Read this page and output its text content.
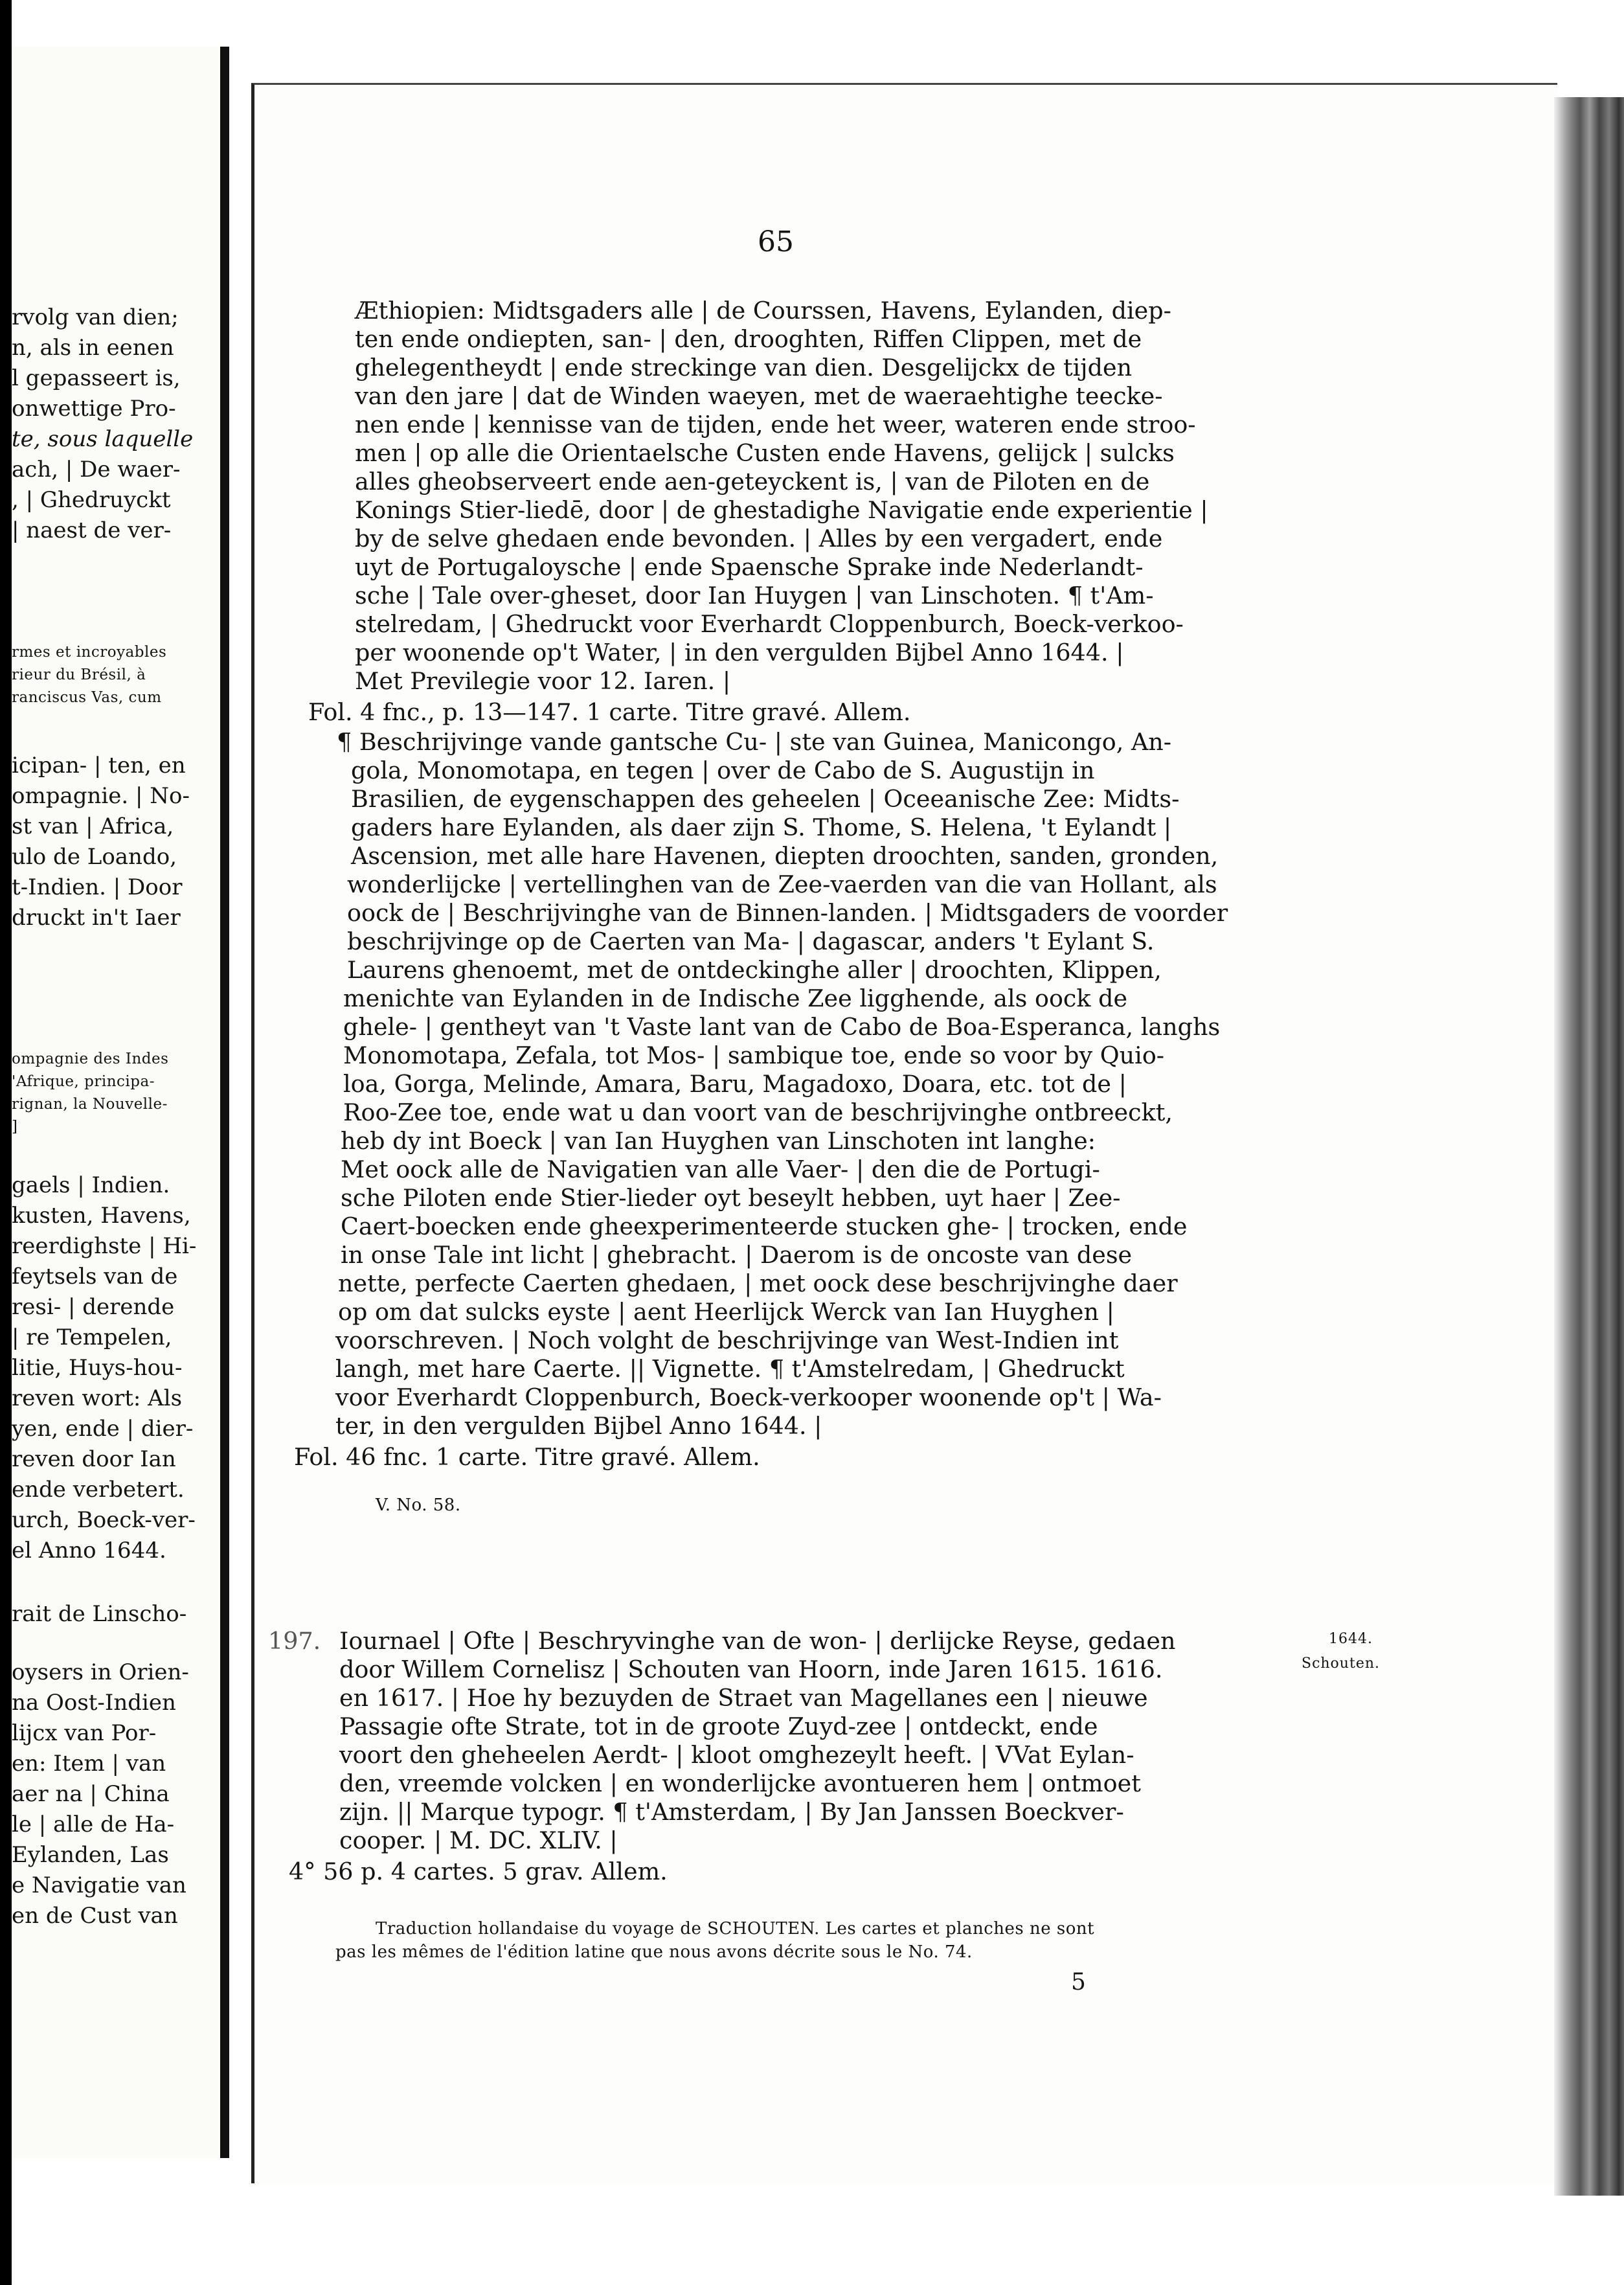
rvolg van dien;
n, als in eenen
l gepasseert is,
onwettige Pro-
te, sous laquelle
ach, | De waer-
, | Ghedruyckt
| naest de ver-
rmes et incroyables
rieur du Brésil, à
ranciscus Vas, cum
icipan- | ten, en
ompagnie. | No-
st van | Africa,
ulo de Loando,
t-Indien. | Door
druckt in't Iaer
ompagnie des Indes
'Afrique, principa-
rignan, la Nouvelle-
]
gaels | Indien.
kusten, Havens,
reerdighste | Hi-
feytsels van de
resi- | derende
| re Tempelen,
litie, Huys-hou-
reven wort: Als
yen, ende | dier-
reven door Ian
ende verbetert.
urch, Boeck-ver-
el Anno 1644.
rait de Linscho-
oysers in Orien-
na Oost-Indien
lijcx van Por-
en: Item | van
aer na | China
le | alle de Ha-
Eylanden, Las
e Navigatie van
en de Cust van
65
Æthiopien: Midtsgaders alle | de Courssen, Havens, Eylanden, diep-
ten ende ondiepten, san- | den, drooghten, Riffen Clippen, met de
ghelegentheydt | ende streckinge van dien. Desgelijckx de tijden
van den jare | dat de Winden waeyen, met de waeraehtighe teecke-
nen ende | kennisse van de tijden, ende het weer, wateren ende stroo-
men | op alle die Orientaelsche Custen ende Havens, gelijck | sulcks
alles gheobserveert ende aen-geteyckent is, | van de Piloten en de
Konings Stier-liedē, door | de ghestadighe Navigatie ende experientie |
by de selve ghedaen ende bevonden. | Alles by een vergadert, ende
uyt de Portugaloysche | ende Spaensche Sprake inde Nederlandt-
sche | Tale over-gheset, door Ian Huygen | van Linschoten. ¶ t'Am-
stelredam, | Ghedruckt voor Everhardt Cloppenburch, Boeck-verkoo-
per woonende op't Water, | in den vergulden Bijbel Anno 1644. |
Met Previlegie voor 12. Iaren. |
Fol. 4 fnc., p. 13—147. 1 carte. Titre gravé. Allem.
¶ Beschrijvinge vande gantsche Cu- | ste van Guinea, Manicongo, An-
gola, Monomotapa, en tegen | over de Cabo de S. Augustijn in
Brasilien, de eygenschappen des geheelen | Oceeanische Zee: Midts-
gaders hare Eylanden, als daer zijn S. Thome, S. Helena, 't Eylandt |
Ascension, met alle hare Havenen, diepten droochten, sanden, gronden,
wonderlijcke | vertellinghen van de Zee-vaerden van die van Hollant, als
oock de | Beschrijvinghe van de Binnen-landen. | Midtsgaders de voorder
beschrijvinge op de Caerten van Ma- | dagascar, anders 't Eylant S.
Laurens ghenoemt, met de ontdeckinghe aller | droochten, Klippen,
menichte van Eylanden in de Indische Zee ligghende, als oock de
ghele- | gentheyt van 't Vaste lant van de Cabo de Boa-Esperanca, langhs
Monomotapa, Zefala, tot Mos- | sambique toe, ende so voor by Quio-
loa, Gorga, Melinde, Amara, Baru, Magadoxo, Doara, etc. tot de |
Roo-Zee toe, ende wat u dan voort van de beschrijvinghe ontbreeckt,
heb dy int Boeck | van Ian Huyghen van Linschoten int langhe:
Met oock alle de Navigatien van alle Vaer- | den die de Portugi-
sche Piloten ende Stier-lieder oyt beseylt hebben, uyt haer | Zee-
Caert-boecken ende gheexperimenteerde stucken ghe- | trocken, ende
in onse Tale int licht | ghebracht. | Daerom is de oncoste van dese
nette, perfecte Caerten ghedaen, | met oock dese beschrijvinghe daer
op om dat sulcks eyste | aent Heerlijck Werck van Ian Huyghen |
voorschreven. | Noch volght de beschrijvinge van West-Indien int
langh, met hare Caerte. || Vignette. ¶ t'Amstelredam, | Ghedruckt
voor Everhardt Cloppenburch, Boeck-verkooper woonende op't | Wa-
ter, in den vergulden Bijbel Anno 1644. |
Fol. 46 fnc. 1 carte. Titre gravé. Allem.
V. No. 58.
197. Iournael | Ofte | Beschryvinghe van de won- | derlijcke Reyse, gedaen
door Willem Cornelisz | Schouten van Hoorn, inde Jaren 1615. 1616.
en 1617. | Hoe hy bezuyden de Straet van Magellanes een | nieuwe
Passagie ofte Strate, tot in de groote Zuyd-zee | ontdeckt, ende
voort den gheheelen Aerdt- | kloot omghezeylt heeft. | VVat Eylan-
den, vreemde volcken | en wonderlijcke avontueren hem | ontmoet
zijn. || Marque typogr. ¶ t'Amsterdam, | By Jan Janssen Boeckver-
cooper. | M. DC. XLIV. |
1644.
Schouten.
4° 56 p. 4 cartes. 5 grav. Allem.
Traduction hollandaise du voyage de SCHOUTEN. Les cartes et planches ne sont
pas les mêmes de l'édition latine que nous avons décrite sous le No. 74.
5
